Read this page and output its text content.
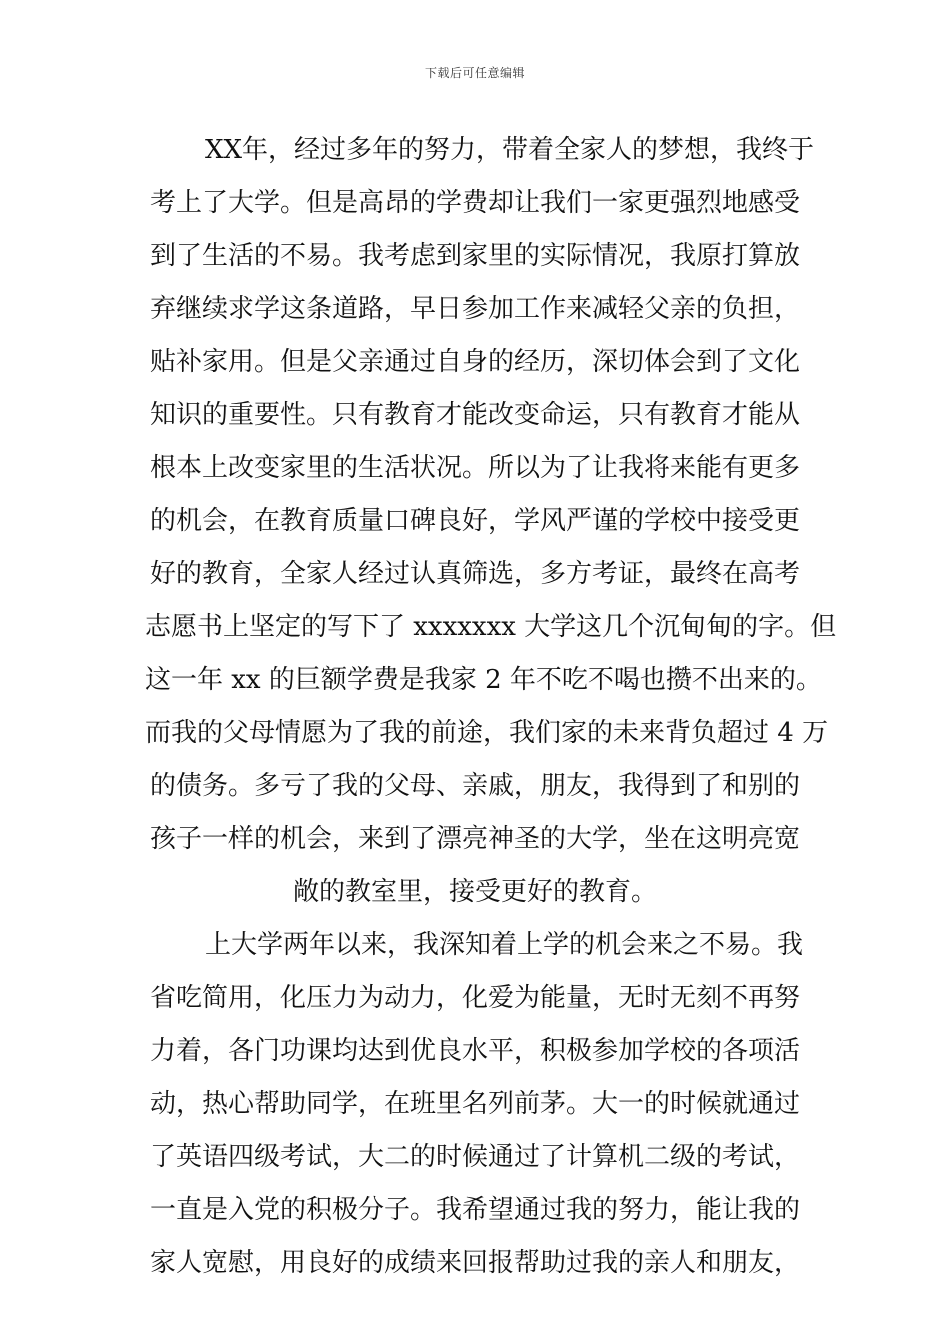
下载后可任意编辑
XX年，经过多年的努力，带着全家人的梦想，我终于
考上了大学。但是高昂的学费却让我们一家更强烈地感受
到了生活的不易。我考虑到家里的实际情况，我原打算放
弃继续求学这条道路，早日参加工作来减轻父亲的负担，
贴补家用。但是父亲通过自身的经历，深切体会到了文化
知识的重要性。只有教育才能改变命运，只有教育才能从
根本上改变家里的生活状况。所以为了让我将来能有更多
的机会，在教育质量口碑良好，学风严谨的学校中接受更
好的教育，全家人经过认真筛选，多方考证，最终在高考
志愿书上坚定的写下了 xxxxxxx 大学这几个沉甸甸的字。但
这一年 xx 的巨额学费是我家 2 年不吃不喝也攒不出来的。
而我的父母情愿为了我的前途，我们家的未来背负超过 4 万
的债务。多亏了我的父母、亲戚，朋友，我得到了和别的
孩子一样的机会，来到了漂亮神圣的大学，坐在这明亮宽
敞的教室里，接受更好的教育。
上大学两年以来，我深知着上学的机会来之不易。我
省吃简用，化压力为动力，化爱为能量，无时无刻不再努
力着，各门功课均达到优良水平，积极参加学校的各项活
动，热心帮助同学，在班里名列前茅。大一的时候就通过
了英语四级考试，大二的时候通过了计算机二级的考试，
一直是入党的积极分子。我希望通过我的努力，能让我的
家人宽慰，用良好的成绩来回报帮助过我的亲人和朋友，
